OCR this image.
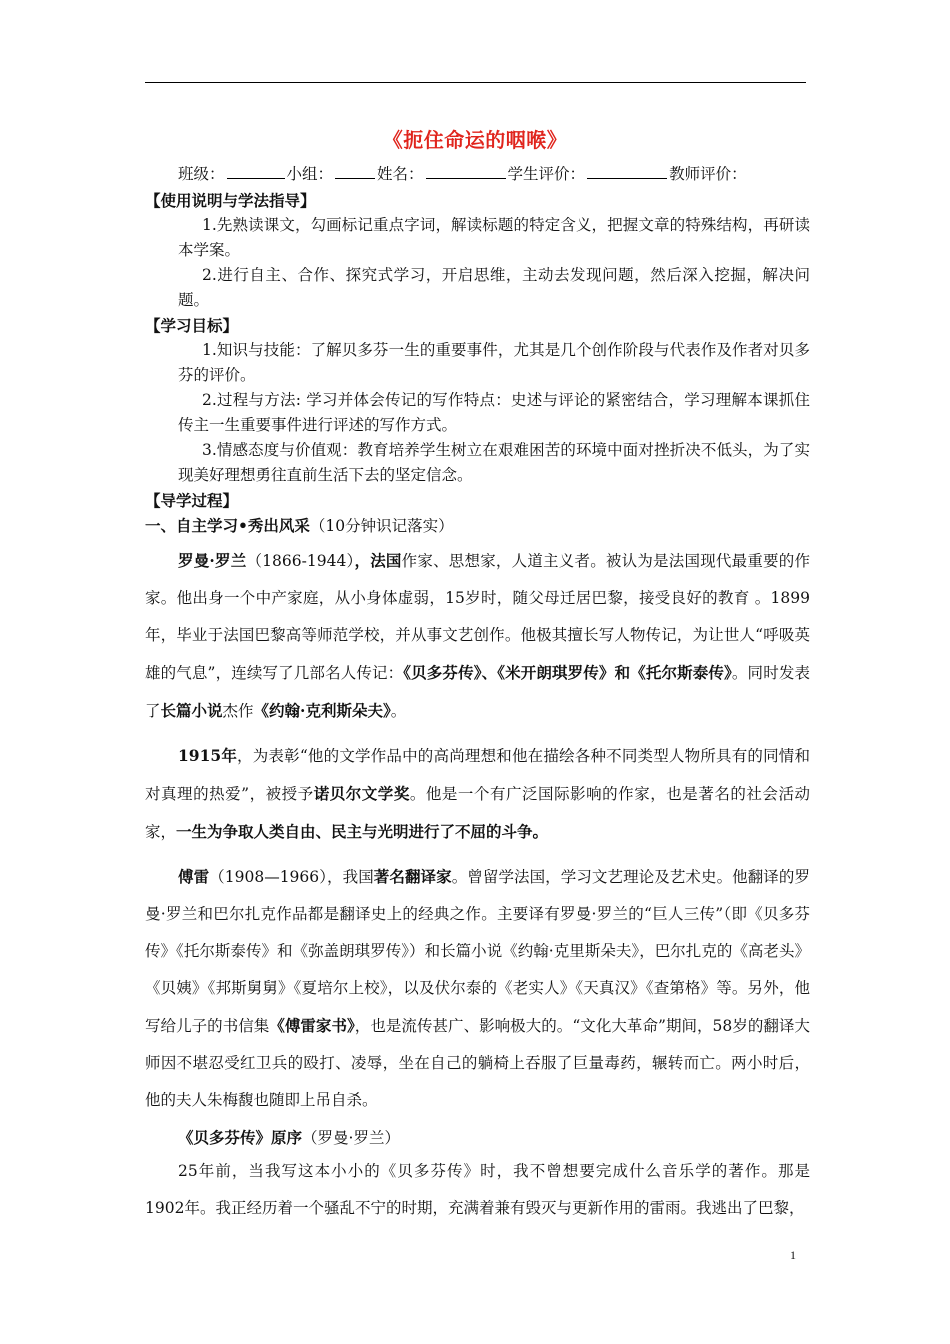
《扼住命运的咽喉》
班级：	小组：	姓名：	学生评价：	教师评价：
【使用说明与学法指导】
1.先熟读课文，勾画标记重点字词，解读标题的特定含义，把握文章的特殊结构，再研读本学案。
2.进行自主、合作、探究式学习，开启思维，主动去发现问题，然后深入挖掘，解决问题。
【学习目标】
1.知识与技能：了解贝多芬一生的重要事件，尤其是几个创作阶段与代表作及作者对贝多芬的评价。
2.过程与方法: 学习并体会传记的写作特点：史述与评论的紧密结合，学习理解本课抓住传主一生重要事件进行评述的写作方式。
3.情感态度与价值观：教育培养学生树立在艰难困苦的环境中面对挫折决不低头，为了实现美好理想勇往直前生活下去的坚定信念。
【导学过程】
一、自主学习•秀出风采（10分钟识记落实）
罗曼·罗兰（1866-1944），法国作家、思想家，人道主义者。被认为是法国现代最重要的作家。他出身一个中产家庭，从小身体虚弱，15岁时，随父母迁居巴黎，接受良好的教育 。1899年，毕业于法国巴黎高等师范学校，并从事文艺创作。他极其擅长写人物传记，为让世人“呼吸英雄的气息”，连续写了几部名人传记：《贝多芬传》、《米开朗琪罗传》和《托尔斯泰传》。同时发表了长篇小说杰作《约翰·克利斯朵夫》。
1915年，为表彰“他的文学作品中的高尚理想和他在描绘各种不同类型人物所具有的同情和对真理的热爱”，被授予诺贝尔文学奖。他是一个有广泛国际影响的作家，也是著名的社会活动家，一生为争取人类自由、民主与光明进行了不屈的斗争。
傅雷（1908—1966），我国著名翻译家。曾留学法国，学习文艺理论及艺术史。他翻译的罗曼·罗兰和巴尔扎克作品都是翻译史上的经典之作。主要译有罗曼·罗兰的“巨人三传”（即《贝多芬传》《托尔斯泰传》和《弥盖朗琪罗传》）和长篇小说《约翰·克里斯朵夫》，巴尔扎克的《高老头》《贝姨》《邦斯舅舅》《夏培尔上校》，以及伏尔泰的《老实人》《天真汉》《查第格》等。另外，他写给儿子的书信集《傅雷家书》，也是流传甚广、影响极大的。“文化大革命”期间，58岁的翻译大师因不堪忍受红卫兵的殴打、凌辱，坐在自己的躺椅上吞服了巨量毒药，辗转而亡。两小时后，他的夫人朱梅馥也随即上吊自杀。
《贝多芬传》原序（罗曼·罗兰）
25年前，当我写这本小小的《贝多芬传》时，我不曾想要完成什么音乐学的著作。那是1902年。我正经历着一个骚乱不宁的时期，充满着兼有毁灭与更新作用的雷雨。我逃出了巴黎，
1
